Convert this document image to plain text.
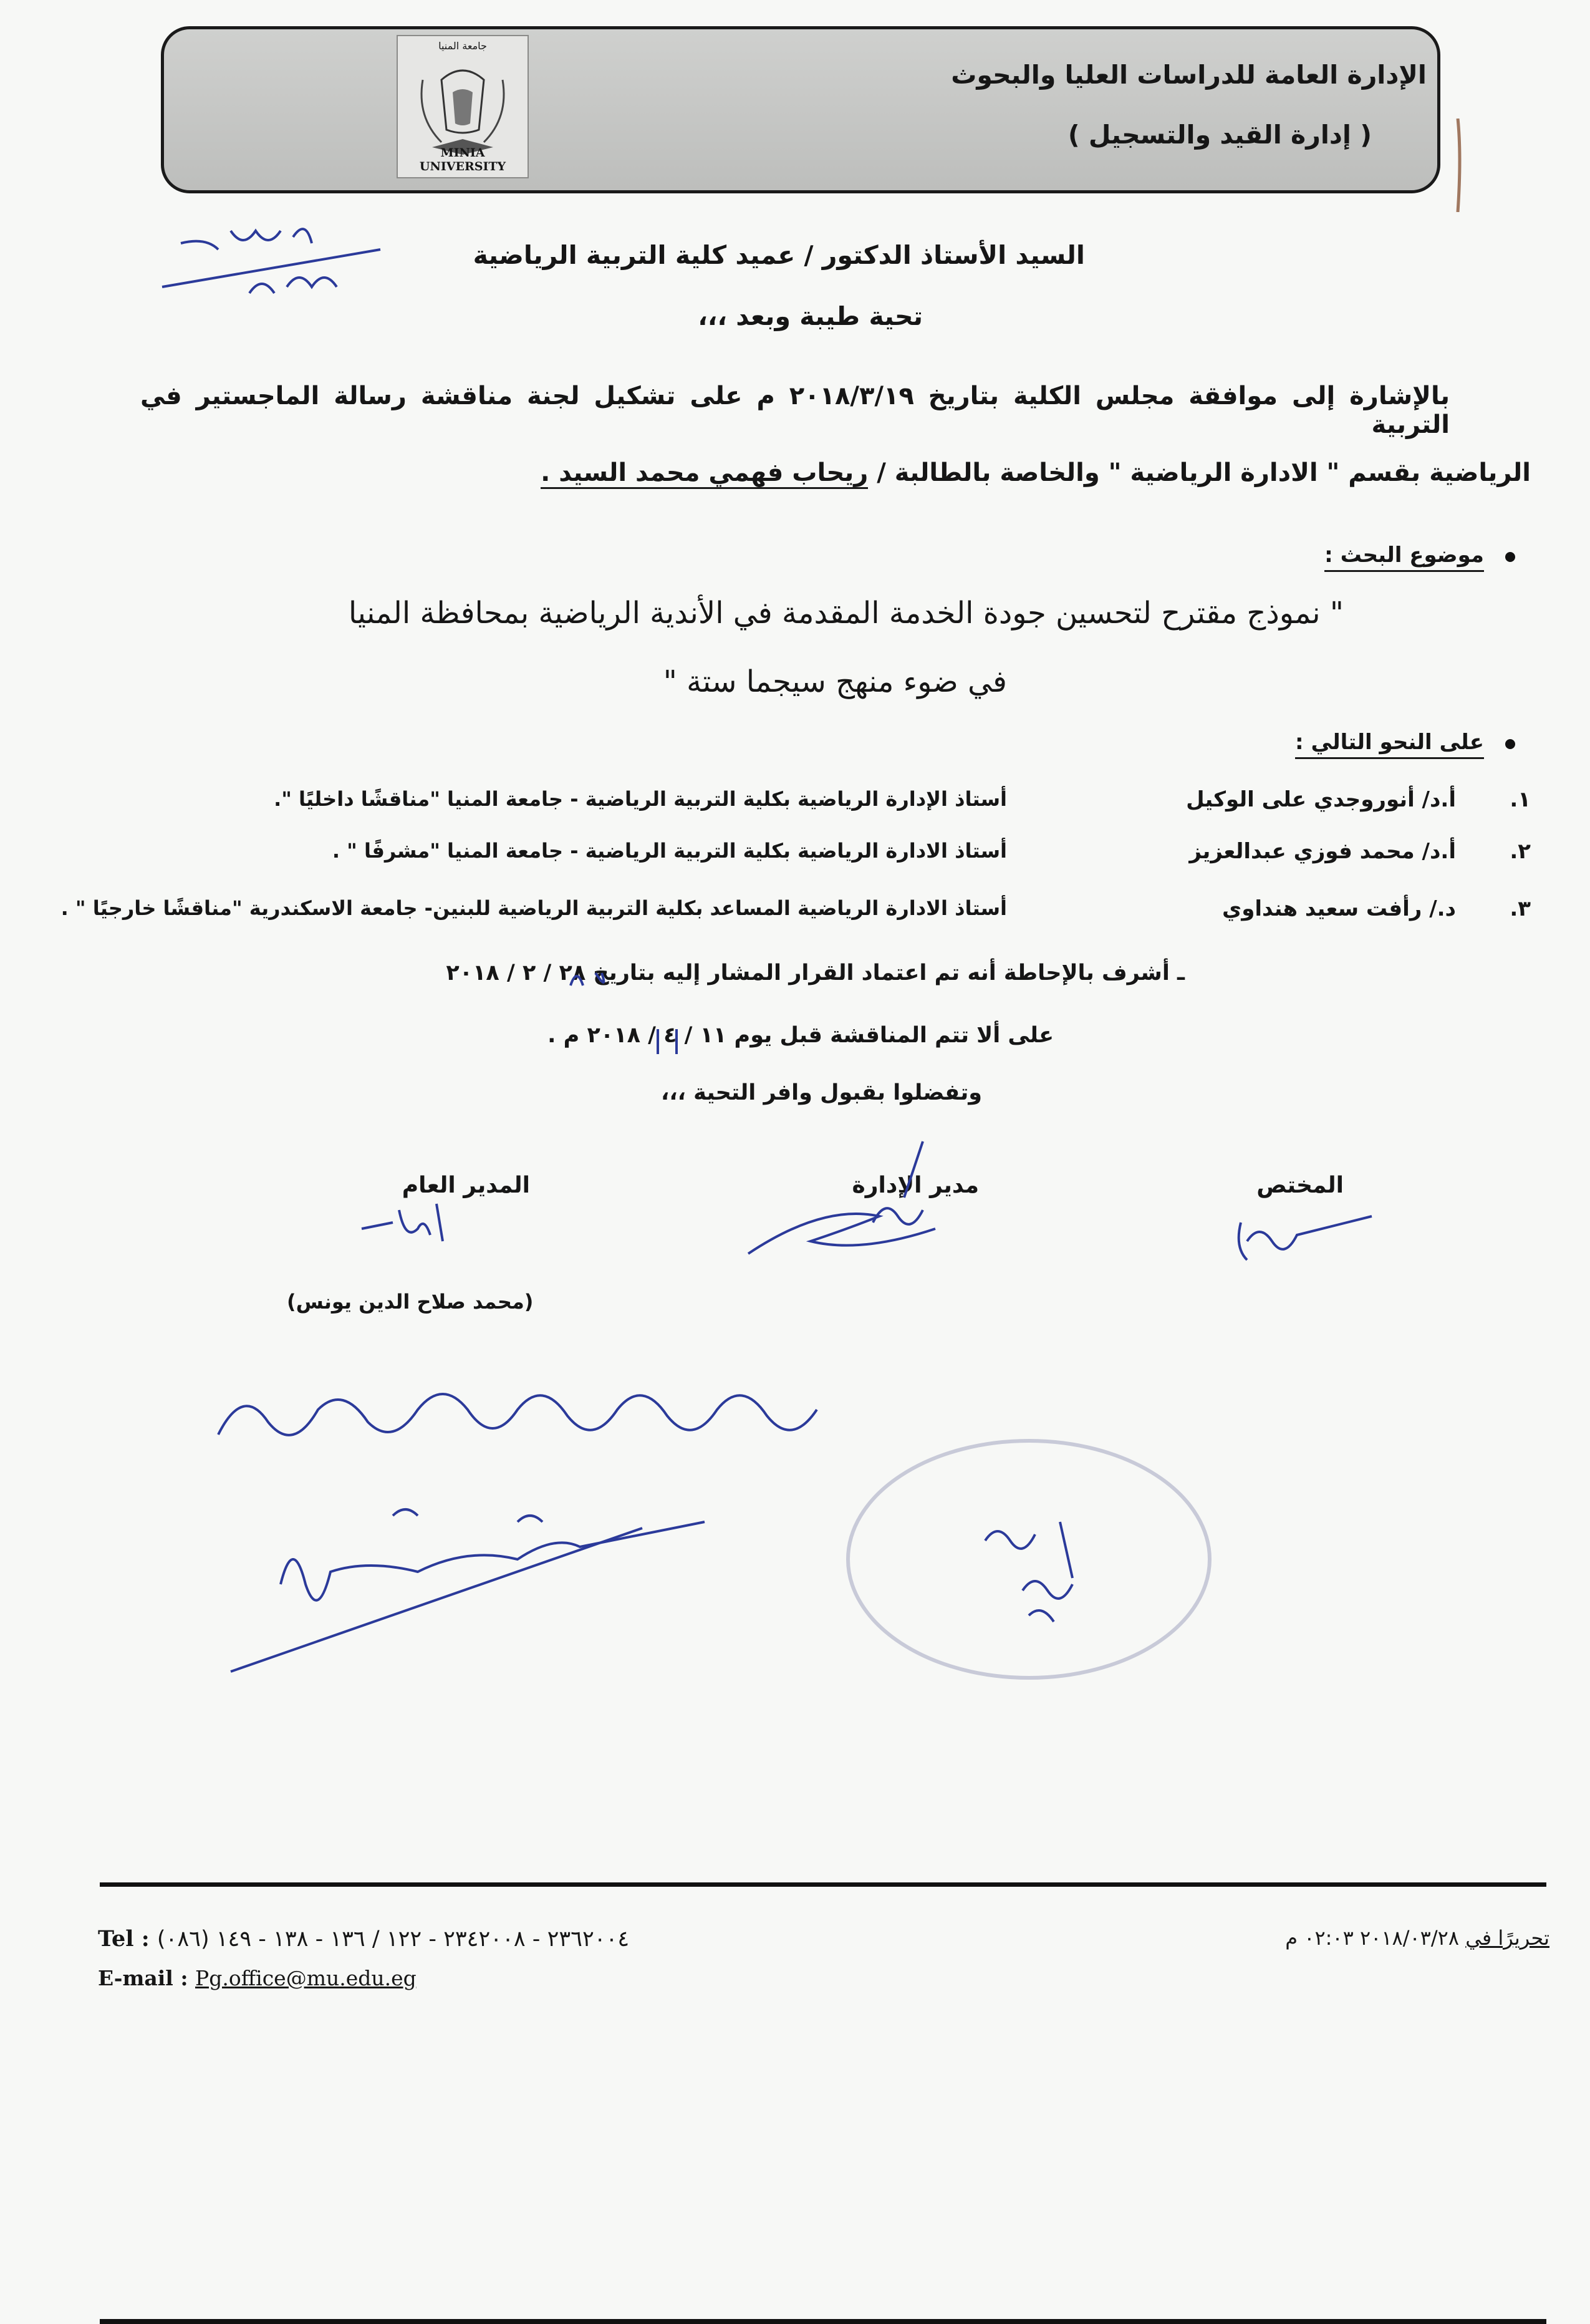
جامعة المنيا
MINIA UNIVERSITY
الإدارة العامة للدراسات العليا والبحوث
( إدارة القيد والتسجيل )
السيد الأستاذ الدكتور / عميد كلية التربية الرياضية
تحية طيبة وبعد ،،،
بالإشارة إلى موافقة مجلس الكلية بتاريخ ٢٠١٨/٣/١٩ م على تشكيل لجنة مناقشة رسالة الماجستير في التربية
الرياضية بقسم " الادارة الرياضية " والخاصة بالطالبة / ريحاب فهمي محمد السيد .
موضوع البحث :
" نموذج مقترح لتحسين جودة الخدمة المقدمة في الأندية الرياضية بمحافظة المنيا
في ضوء منهج سيجما ستة "
على النحو التالي :
١.
أ.د/ أنوروجدي على الوكيل
أستاذ الإدارة الرياضية بكلية التربية الرياضية - جامعة المنيا "مناقشًا داخليًا ".
٢.
أ.د/ محمد فوزي عبدالعزيز
أستاذ الادارة الرياضية بكلية التربية الرياضية - جامعة المنيا "مشرفًا " .
٣.
د./ رأفت سعيد هنداوي
أستاذ الادارة الرياضية المساعد بكلية التربية الرياضية للبنين- جامعة الاسكندرية "مناقشًا خارجيًا " .
ـ أشرف بالإحاطة أنه تم اعتماد القرار المشار إليه بتاريخ ٢٨ / ٢ / ٢٠١٨
على ألا تتم المناقشة قبل يوم ١١ / ٤ / ٢٠١٨ م .
وتفضلوا بقبول وافر التحية ،،،
المختص
مدير الإدارة
المدير العام
(محمد صلاح الدين يونس)
Tel : (٠٨٦) ٢٣٦٢٠٠٤ - ٢٣٤٢٠٠٨ - ١٢٢ / ١٣٦ - ١٣٨ - ١٤٩
E-mail : Pg.office@mu.edu.eg
تحريرًا في ٢٠١٨/٠٣/٢٨ ٠٢:٠٣ م
